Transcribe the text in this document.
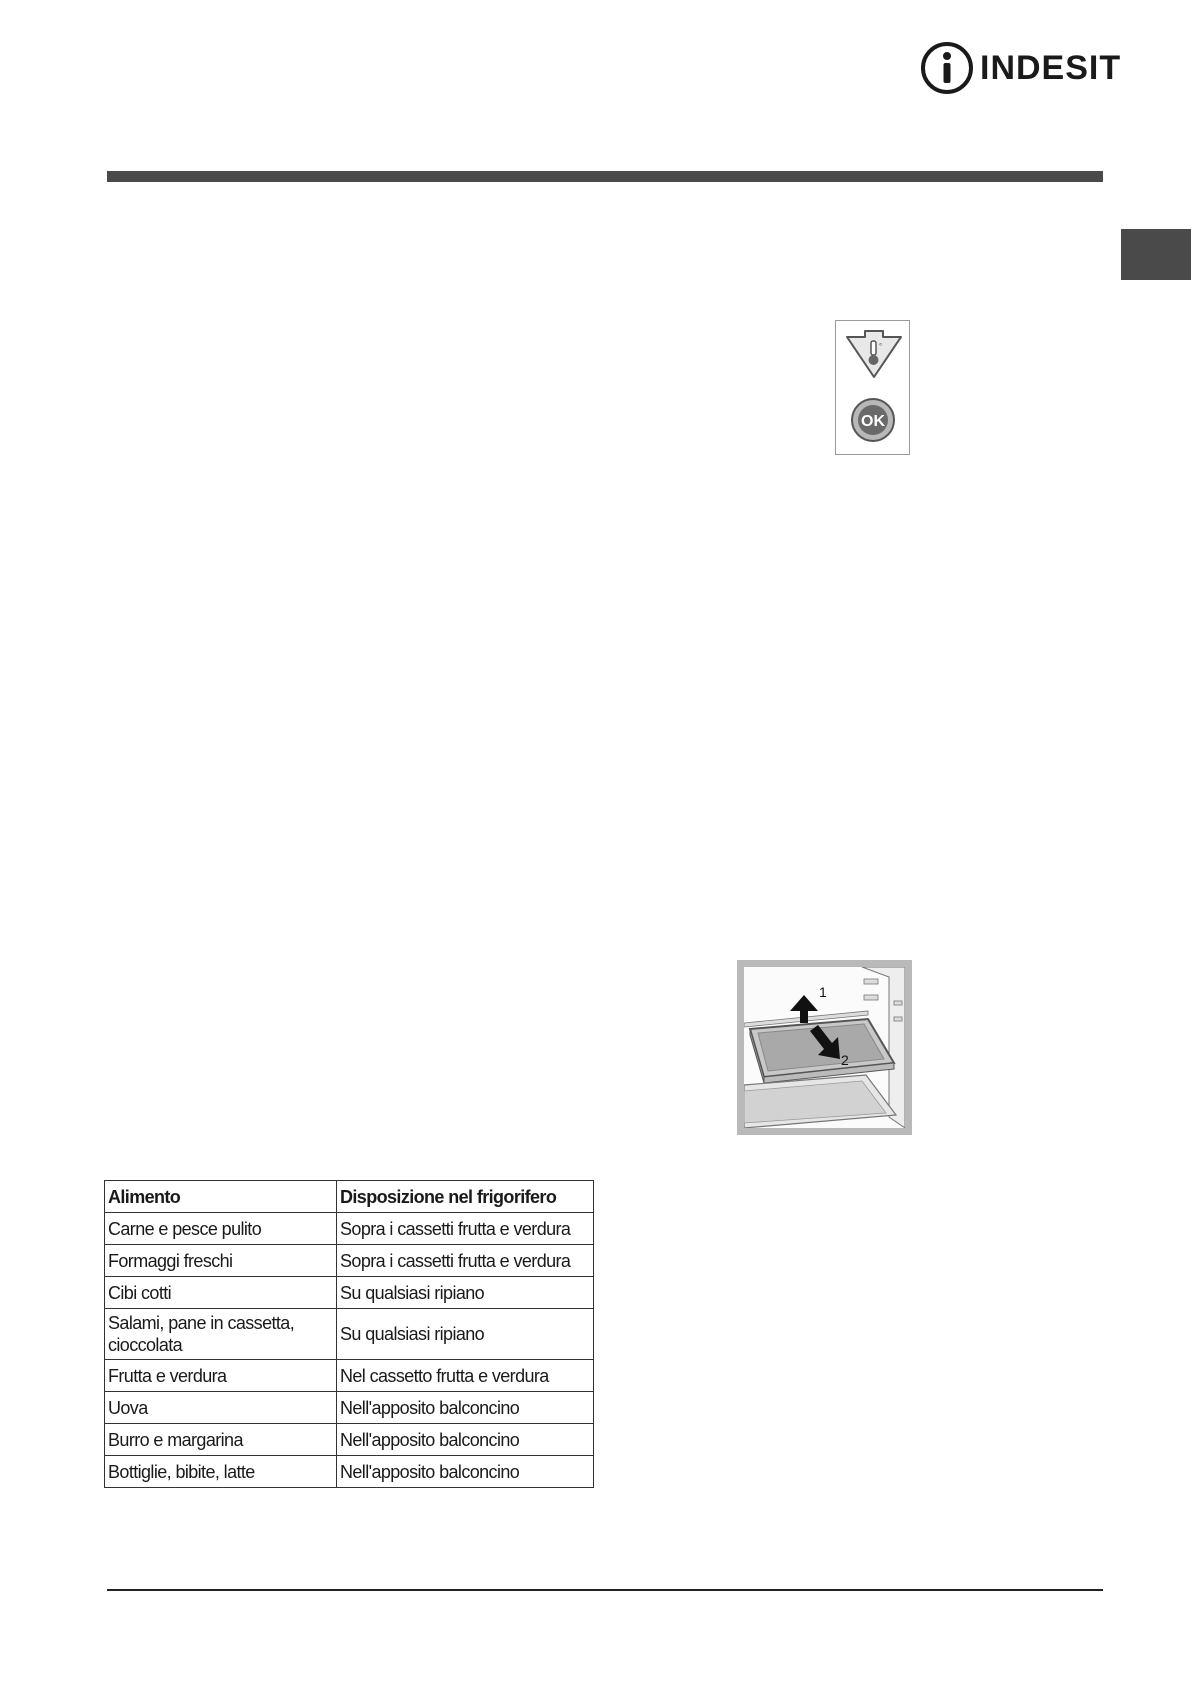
INDESIT
°
OK
1
2
Alimento	Disposizione nel frigorifero
Carne e pesce pulito	Sopra i cassetti frutta e verdura
Formaggi freschi	Sopra i cassetti frutta e verdura
Cibi cotti	Su qualsiasi ripiano
Salami, pane in cassetta, cioccolata	Su qualsiasi ripiano
Frutta e verdura	Nel cassetto frutta e verdura
Uova	Nell'apposito balconcino
Burro e margarina	Nell'apposito balconcino
Bottiglie, bibite, latte	Nell'apposito balconcino
